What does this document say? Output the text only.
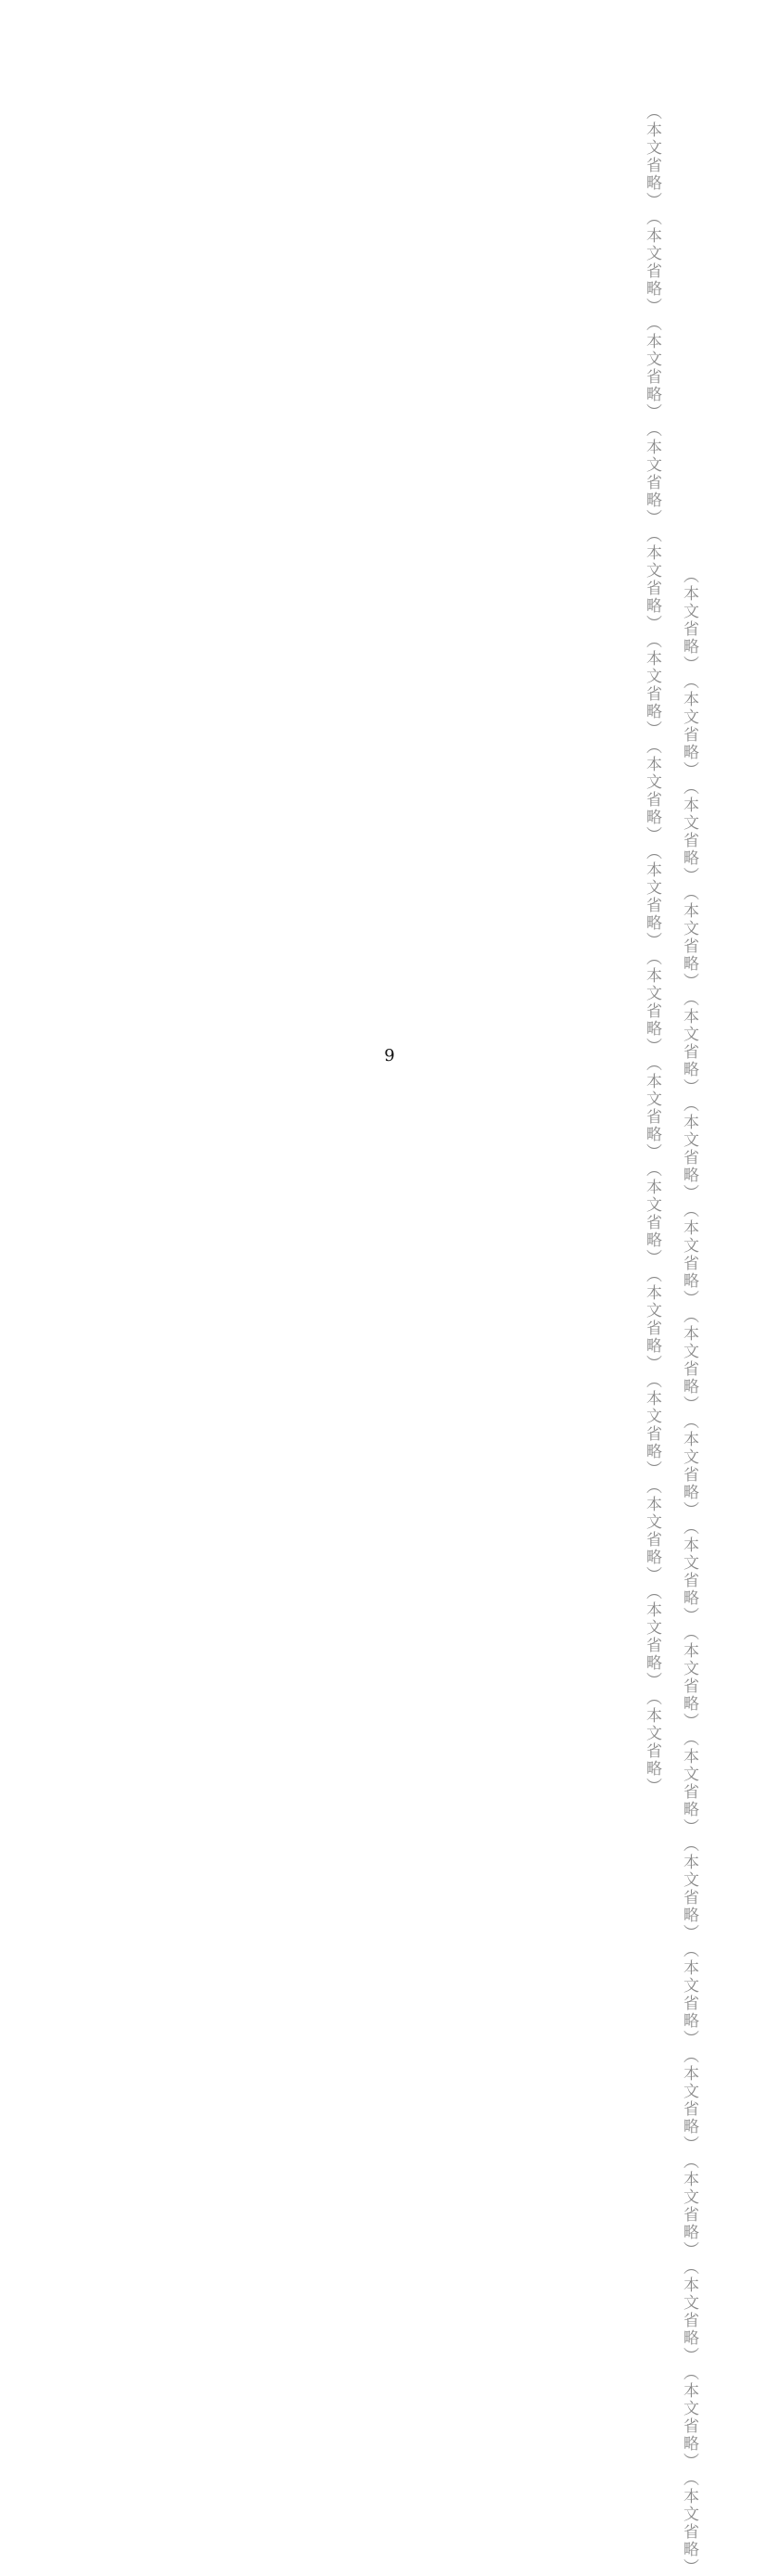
（本文省略）
（本文省略）
（本文省略）
（本文省略）
（本文省略）
（本文省略）
（本文省略）
（本文省略）
（本文省略）
（本文省略）
（本文省略）
（本文省略）
（本文省略）
（本文省略）
（本文省略）
（本文省略）
（本文省略）
（本文省略）
（本文省略）
（本文省略）
（本文省略）
（本文省略）
（本文省略）
（本文省略）
（本文省略）
（本文省略）
（本文省略）
（本文省略）
（本文省略）
（本文省略）
（本文省略）
（本文省略）
（本文省略）
（本文省略）
（本文省略）
9
